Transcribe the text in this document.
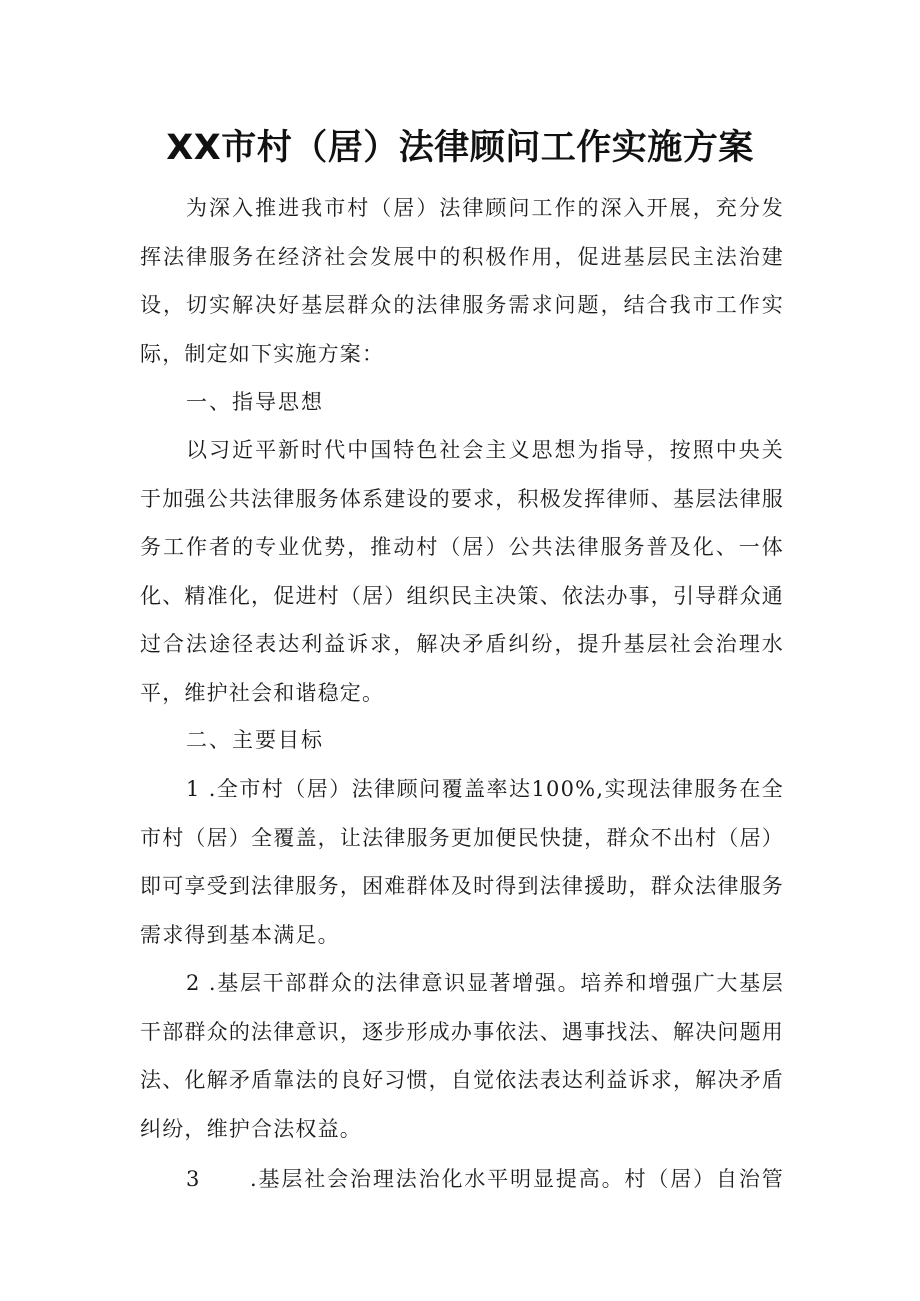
XX市村（居）法律顾问工作实施方案

为深入推进我市村（居）法律顾问工作的深入开展，充分发挥法律服务在经济社会发展中的积极作用，促进基层民主法治建设，切实解决好基层群众的法律服务需求问题，结合我市工作实际，制定如下实施方案：

一、指导思想

以习近平新时代中国特色社会主义思想为指导，按照中央关于加强公共法律服务体系建设的要求，积极发挥律师、基层法律服务工作者的专业优势，推动村（居）公共法律服务普及化、一体化、精准化，促进村（居）组织民主决策、依法办事，引导群众通过合法途径表达利益诉求，解决矛盾纠纷，提升基层社会治理水平，维护社会和谐稳定。

二、主要目标

1 .全市村（居）法律顾问覆盖率达100%,实现法律服务在全市村（居）全覆盖，让法律服务更加便民快捷，群众不出村（居）即可享受到法律服务，困难群体及时得到法律援助，群众法律服务需求得到基本满足。

2 .基层干部群众的法律意识显著增强。培养和增强广大基层干部群众的法律意识，逐步形成办事依法、遇事找法、解决问题用法、化解矛盾靠法的良好习惯，自觉依法表达利益诉求，解决矛盾纠纷，维护合法权益。

3	.基层社会治理法治化水平明显提高。村（居）自治管
